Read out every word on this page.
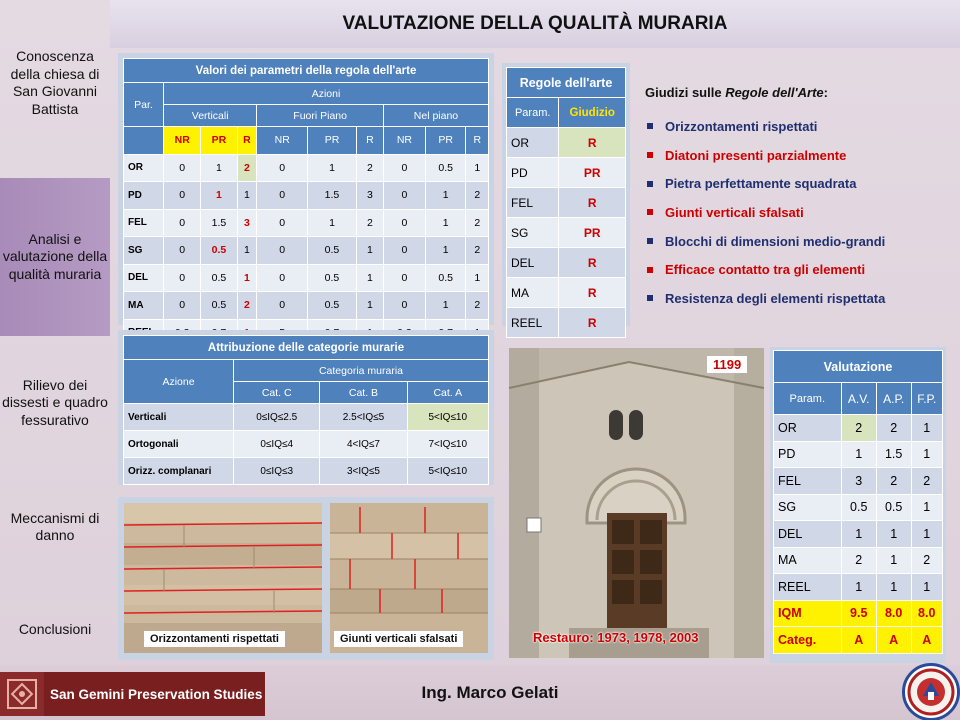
Conoscenza della chiesa di San Giovanni Battista
Analisi e valutazione della qualità muraria
Rilievo dei dissesti e quadro fessurativo
Meccanismi di danno
Conclusioni
VALUTAZIONE DELLA QUALITÀ MURARIA
Valori dei parametri della regola dell'arte									
Par.	Azioni								
	Verticali			Fuori Piano			Nel piano		
	NR	PR	R	NR	PR	R	NR	PR	R
OR	0	1	2	0	1	2	0	0.5	1
PD	0	1	1	0	1.5	3	0	1	2
FEL	0	1.5	3	0	1	2	0	1	2
SG	0	0.5	1	0	0.5	1	0	1	2
DEL	0	0.5	1	0	0.5	1	0	0.5	1
MA	0	0.5	2	0	0.5	1	0	1	2

Regole dell'arte	
Param.	Giudizio
OR	R
PD	PR
FEL	R
SG	PR
DEL	R
MA	R
REEL	R
Giudizi sulle Regole dell'Arte:
Orizzontamenti rispettati
Diatoni presenti parzialmente
Pietra perfettamente squadrata
Giunti verticali sfalsati
Blocchi di dimensioni medio-grandi
Efficace contatto tra gli elementi
Resistenza degli elementi rispettata
Attribuzione delle categorie murarie			
Azione	Categoria muraria		
	Cat. C	Cat. B	Cat. A
Verticali	0≤IQ≤2.5	2.5<IQ≤5	5<IQ≤10
Ortogonali	0≤IQ≤4	4<IQ≤7	7<IQ≤10
Orizz. complanari	0≤IQ≤3	3<IQ≤5	5<IQ≤10
Orizzontamenti rispettati	Giunti verticali sfalsati
1199
Restauro: 1973, 1978, 2003
Valutazione			
Param.	A.V.	A.P.	F.P.
OR	2	2	1
PD	1	1.5	1
FEL	3	2	2
SG	0.5	0.5	1
DEL	1	1	1
MA	2	1	2
REEL	1	1	1
IQM	9.5	8.0	8.0
Categ.	A	A	A
San Gemini Preservation Studies	Ing. Marco Gelati
